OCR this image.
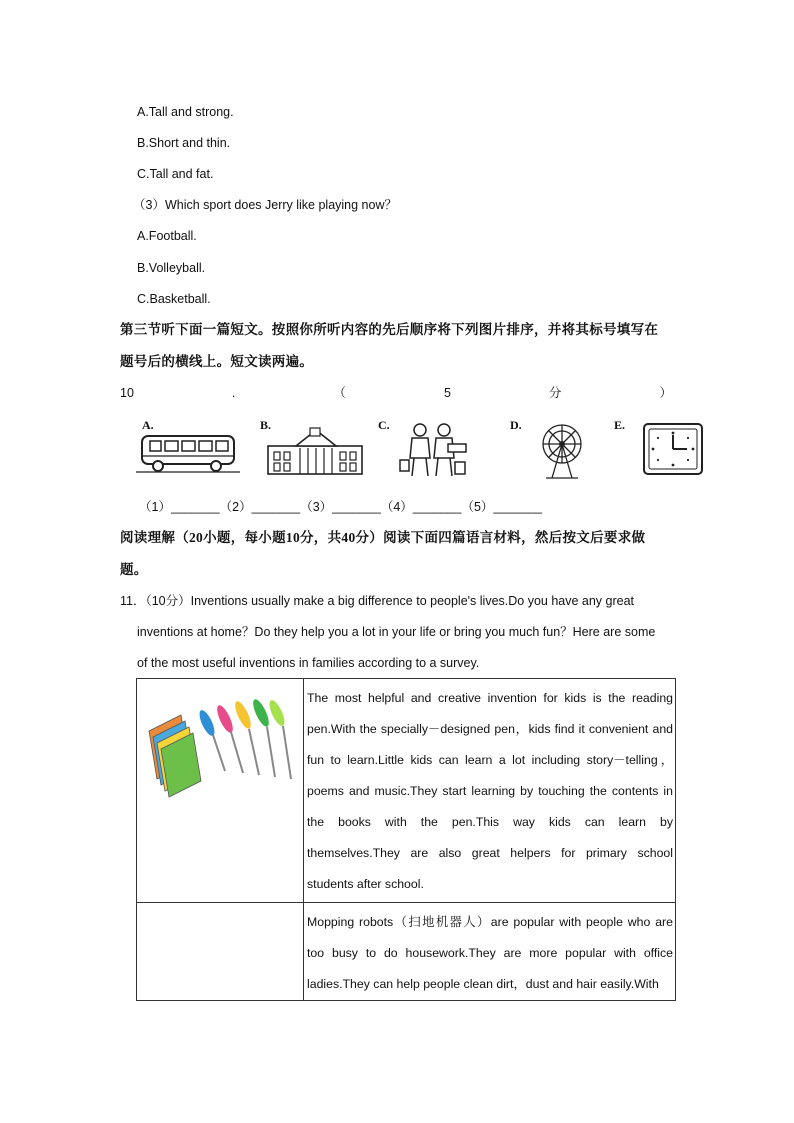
A.Tall and strong.
B.Short and thin.
C.Tall and fat.
（3）Which sport does Jerry like playing now？
A.Football.
B.Volleyball.
C.Basketball.
第三节听下面一篇短文。按照你所听内容的先后顺序将下列图片排序，并将其标号填写在
题号后的横线上。短文读两遍。
10	.	（	5	分	）
A.	B.	C.	D.	E.
（1）_______（2）_______（3）_______（4）_______（5）_______
阅读理解（20小题，每小题10分，共40分）阅读下面四篇语言材料，然后按文后要求做
题。
11．（10分）Inventions usually make a big difference to people's lives.Do you have any great
inventions at home？Do they help you a lot in your life or bring you much fun？Here are some
of the most useful inventions in families according to a survey.
	The most helpful and creative invention for kids is the reading pen.With the specially－designed pen，kids find it convenient and fun to learn.Little kids can learn a lot including story－telling，poems and music.They start learning by touching the contents in the books with the pen.This way kids can learn by themselves.They are also great helpers for primary school students after school.
	Mopping robots（扫地机器人）are popular with people who are too busy to do housework.They are more popular with office ladies.They can help people clean dirt，dust and hair easily.With
